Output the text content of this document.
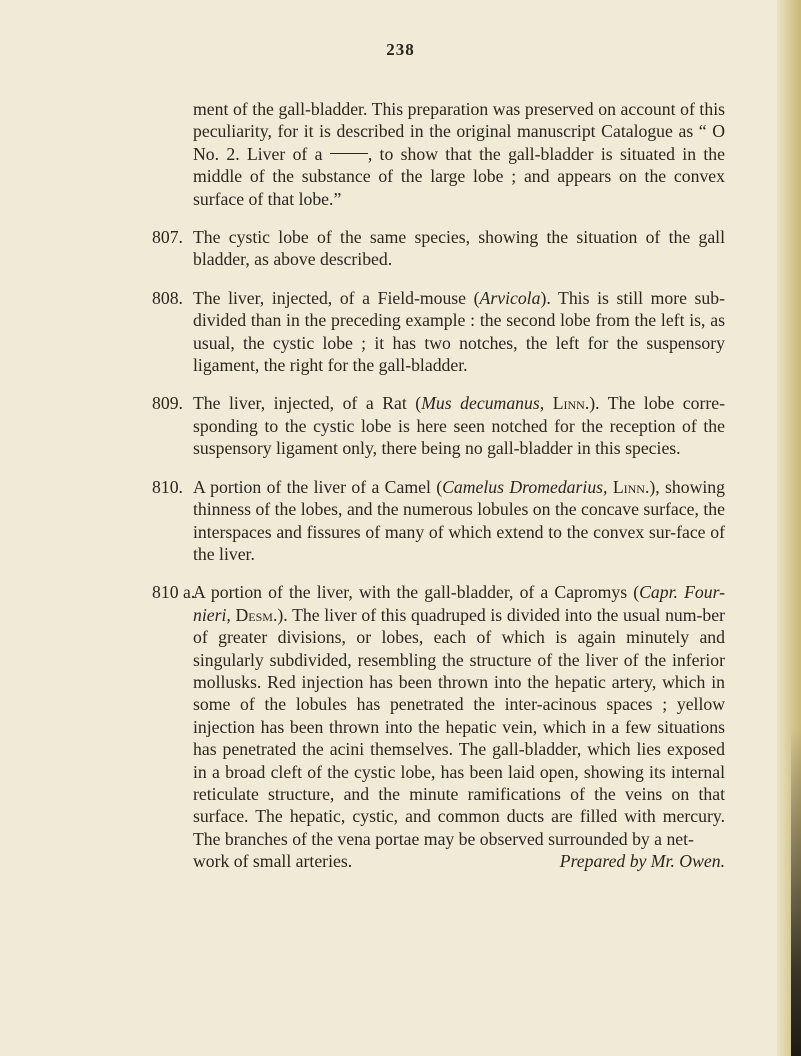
238

ment of the gall-bladder. This preparation was preserved on account of this peculiarity, for it is described in the original manuscript Catalogue as “ O No. 2. Liver of a , to show that the gall-bladder is situated in the middle of the substance of the large lobe ; and appears on the convex surface of that lobe.”

807. The cystic lobe of the same species, showing the situation of the gall bladder, as above described.

808. The liver, injected, of a Field-mouse (Arvicola). This is still more sub-divided than in the preceding example : the second lobe from the left is, as usual, the cystic lobe ; it has two notches, the left for the suspensory ligament, the right for the gall-bladder.

809. The liver, injected, of a Rat (Mus decumanus, Linn.). The lobe corre-sponding to the cystic lobe is here seen notched for the reception of the suspensory ligament only, there being no gall-bladder in this species.

810. A portion of the liver of a Camel (Camelus Dromedarius, Linn.), showing thinness of the lobes, and the numerous lobules on the concave surface, the interspaces and fissures of many of which extend to the convex sur-face of the liver.

810 a.
A portion of the liver, with the gall-bladder, of a Capromys (Capr. Four-nieri, Desm.). The liver of this quadruped is divided into the usual num-ber of greater divisions, or lobes, each of which is again minutely and singularly subdivided, resembling the structure of the liver of the inferior mollusks. Red injection has been thrown into the hepatic artery, which in some of the lobules has penetrated the inter-acinous spaces ; yellow injection has been thrown into the hepatic vein, which in a few situations has penetrated the acini themselves. The gall-bladder, which lies exposed in a broad cleft of the cystic lobe, has been laid open, showing its internal reticulate structure, and the minute ramifications of the veins on that surface. The hepatic, cystic, and common ducts are filled with mercury. The branches of the vena portae may be observed surrounded by a net-
work of small arteries.	Prepared by Mr. Owen.
